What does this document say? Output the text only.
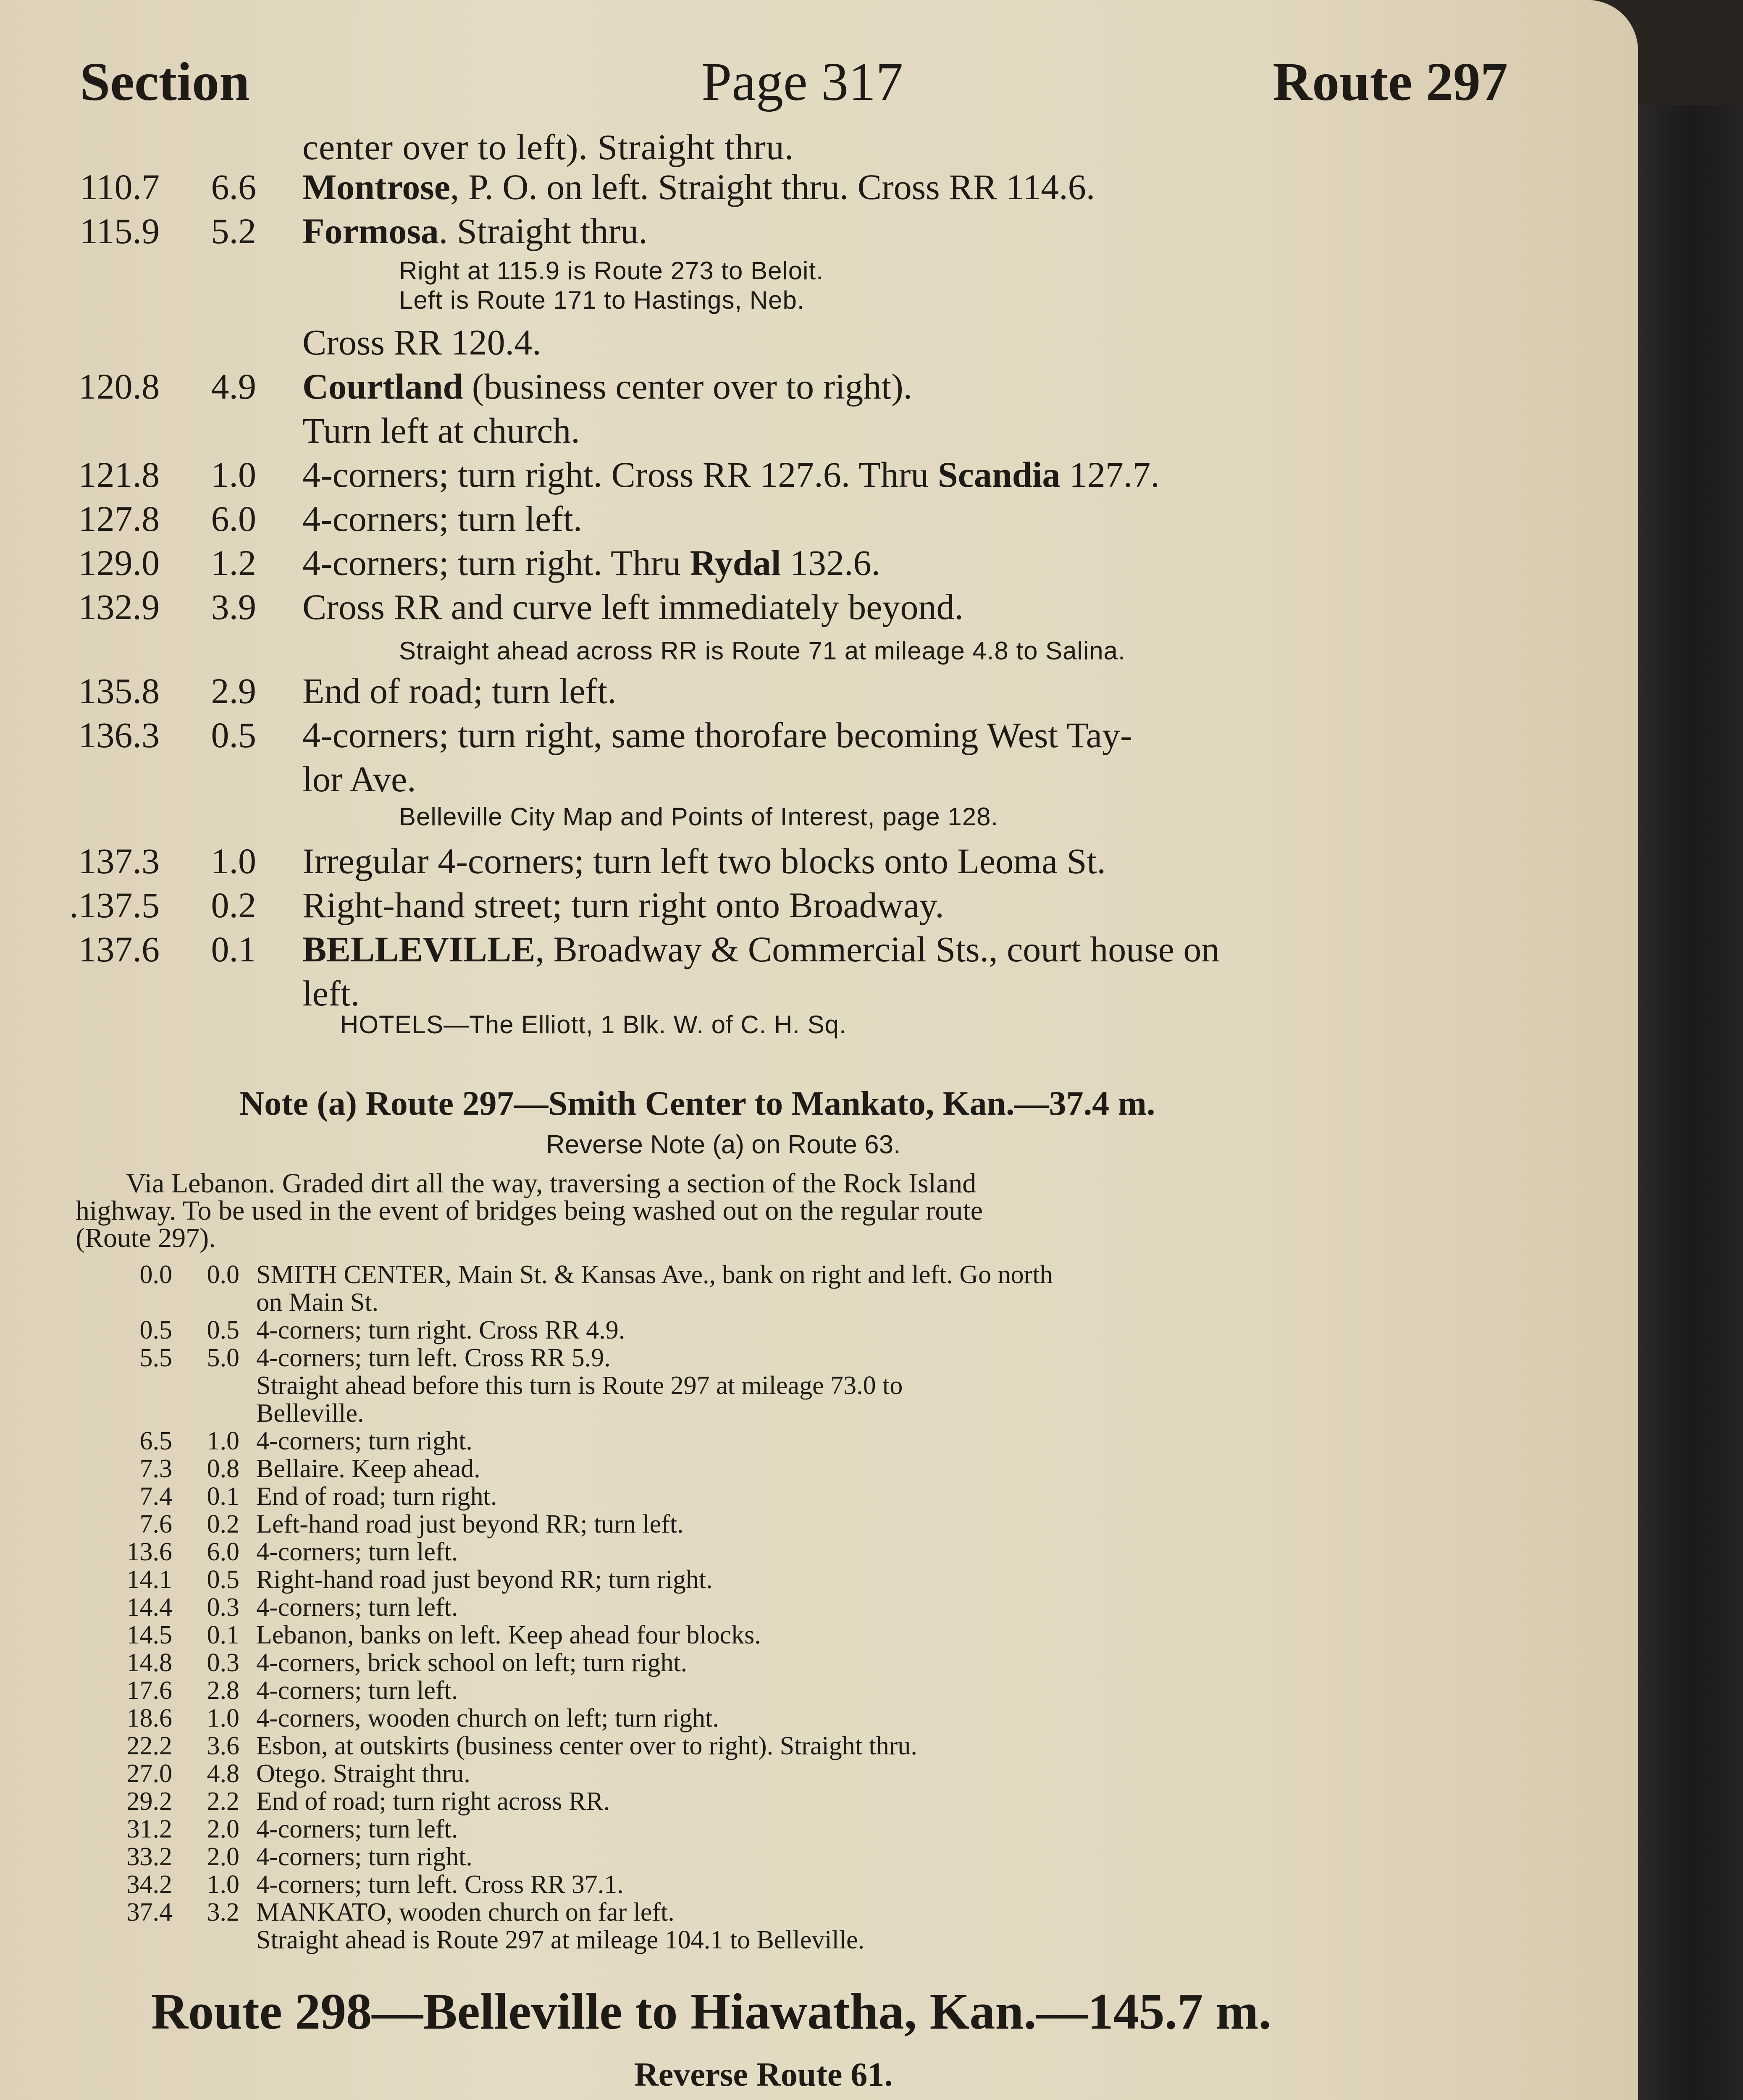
Section	Page 317	Route 297
center over to left). Straight thru.
110.7	6.6 Montrose, P. O. on left. Straight thru. Cross RR 114.6.
115.9	5.2 Formosa. Straight thru.
Cross RR 120.4.
120.8	4.9 Courtland (business center over to right).
Turn left at church.
121.8	1.0 4-corners; turn right. Cross RR 127.6. Thru Scandia 127.7.
127.8	6.0 4-corners; turn left.
129.0	1.2 4-corners; turn right. Thru Rydal 132.6.
132.9	3.9 Cross RR and curve left immediately beyond.
135.8	2.9 End of road; turn left.
136.3	0.5 4-corners; turn right, same thorofare becoming West Tay-
lor Ave.
137.3	1.0 Irregular 4-corners; turn left two blocks onto Leoma St.
.137.5	0.2 Right-hand street; turn right onto Broadway.
137.6	0.1 BELLEVILLE, Broadway & Commercial Sts., court house on
left.
Right at 115.9 is Route 273 to Beloit.
Left is Route 171 to Hastings, Neb.
Straight ahead across RR is Route 71 at mileage 4.8 to Salina.
Belleville City Map and Points of Interest, page 128.
HOTELS—The Elliott, 1 Blk. W. of C. H. Sq.
Note (a) Route 297—Smith Center to Mankato, Kan.—37.4 m.
Reverse Note (a) on Route 63.
Via Lebanon. Graded dirt all the way, traversing a section of the Rock Island
highway. To be used in the event of bridges being washed out on the regular route
(Route 297).
0.0	0.0 SMITH CENTER, Main St. & Kansas Ave., bank on right and left. Go north
on Main St.
0.5	0.5 4-corners; turn right. Cross RR 4.9.
5.5	5.0 4-corners; turn left. Cross RR 5.9.
Straight ahead before this turn is Route 297 at mileage 73.0 to
Belleville.
6.5	1.0 4-corners; turn right.
7.3	0.8 Bellaire. Keep ahead.
7.4	0.1 End of road; turn right.
7.6	0.2 Left-hand road just beyond RR; turn left.
13.6	6.0 4-corners; turn left.
14.1	0.5 Right-hand road just beyond RR; turn right.
14.4	0.3 4-corners; turn left.
14.5	0.1 Lebanon, banks on left. Keep ahead four blocks.
14.8	0.3 4-corners, brick school on left; turn right.
17.6	2.8 4-corners; turn left.
18.6	1.0 4-corners, wooden church on left; turn right.
22.2	3.6 Esbon, at outskirts (business center over to right). Straight thru.
27.0	4.8 Otego. Straight thru.
29.2	2.2 End of road; turn right across RR.
31.2	2.0 4-corners; turn left.
33.2	2.0 4-corners; turn right.
34.2	1.0 4-corners; turn left. Cross RR 37.1.
37.4	3.2 MANKATO, wooden church on far left.
Straight ahead is Route 297 at mileage 104.1 to Belleville.
Route 298—Belleville to Hiawatha, Kan.—145.7 m.
Reverse Route 61.
